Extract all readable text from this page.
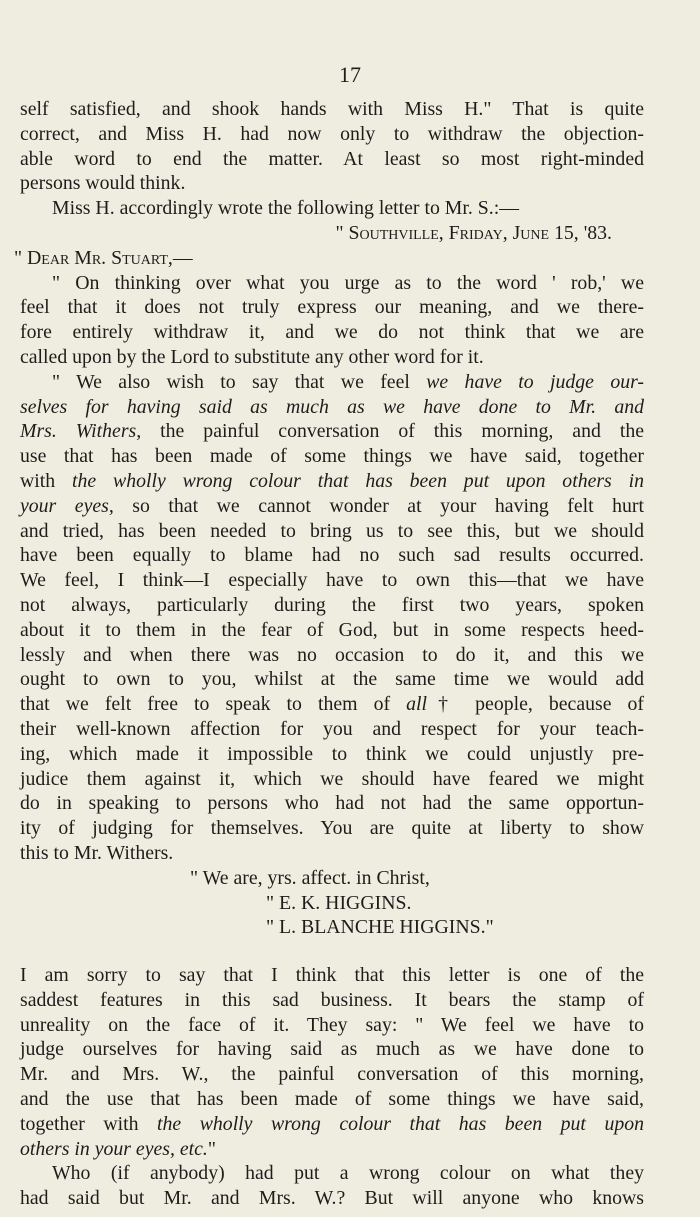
17

self satisfied, and shook hands with Miss H." That is quite

correct, and Miss H. had now only to withdraw the objection-

able word to end the matter. At least so most right-minded

persons would think.

Miss H. accordingly wrote the following letter to Mr. S.:—

" Southville, Friday, June 15, '83.

" Dear Mr. Stuart,—

" On thinking over what you urge as to the word ' rob,' we

feel that it does not truly express our meaning, and we there-

fore entirely withdraw it, and we do not think that we are

called upon by the Lord to substitute any other word for it.

" We also wish to say that we feel we have to judge our-

selves for having said as much as we have done to Mr. and

Mrs. Withers, the painful conversation of this morning, and the

use that has been made of some things we have said, together

with the wholly wrong colour that has been put upon others in

your eyes, so that we cannot wonder at your having felt hurt

and tried, has been needed to bring us to see this, but we should

have been equally to blame had no such sad results occurred.

We feel, I think—I especially have to own this—that we have

not always, particularly during the first two years, spoken

about it to them in the fear of God, but in some respects heed-

lessly and when there was no occasion to do it, and this we

ought to own to you, whilst at the same time we would add

that we felt free to speak to them of all† people, because of

their well-known affection for you and respect for your teach-

ing, which made it impossible to think we could unjustly pre-

judice them against it, which we should have feared we might

do in speaking to persons who had not had the same opportun-

ity of judging for themselves. You are quite at liberty to show

this to Mr. Withers.

" We are, yrs. affect. in Christ,

" E. K. HIGGINS.

" L. BLANCHE HIGGINS."

I am sorry to say that I think that this letter is one of the

saddest features in this sad business. It bears the stamp of

unreality on the face of it. They say: " We feel we have to

judge ourselves for having said as much as we have done to

Mr. and Mrs. W., the painful conversation of this morning,

and the use that has been made of some things we have said,

together with the wholly wrong colour that has been put upon

others in your eyes, etc."

Who (if anybody) had put a wrong colour on what they

had said but Mr. and Mrs. W.? But will anyone who knows
